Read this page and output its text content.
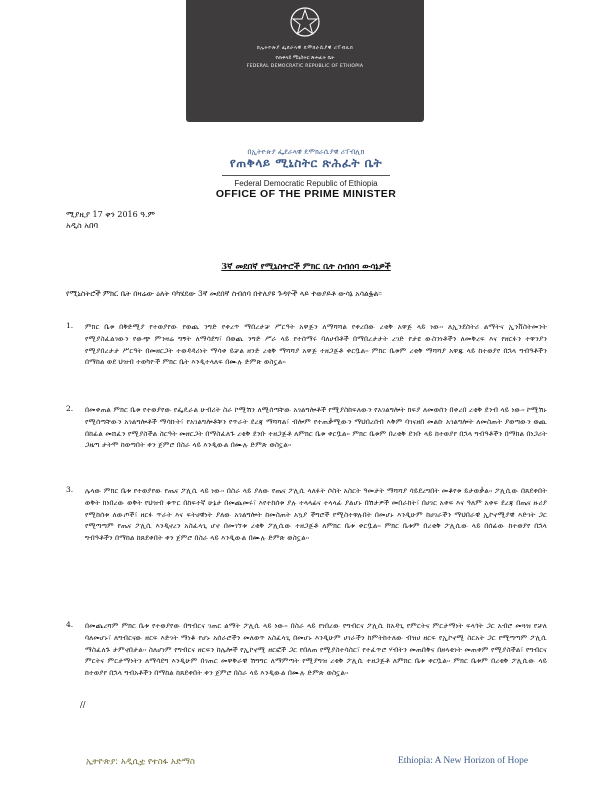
በኢትዮጵያ ፌደራላዊ ዴሞክራሲያዊ ሪፐብሊክ
የጠቅላይ ሚኒስትር ጽሕፈት ቤት
FEDERAL DEMOCRATIC REPUBLIC OF ETHIOPIA
በኢትዮጵያ ፌደራላዊ ዴሞክራሲያዊ ሪፐብሊክ
የጠቅላይ ሚኒስትር ጽሕፈት ቤት
Federal Democratic Republic of Ethiopia
OFFICE OF THE PRIME MINISTER
ሚያዚያ 17 ቀን 2016 ዓ.ም
አዲስ አበባ
3ኛ መደበኛ የሚኒስትሮች ምክር ቤት ስብሰባ ውሳኔዎች
የሚኒስትሮች ምክር ቤት በዛሬው ዕለት ባካሄደው 3ኛ መደበኛ ስብሰባ በተለያዩ ጉዳዮች ላይ ተወያይቶ ውሳኔ አሳልፏል፡፡
1. ምክር ቤቱ በቅድሚያ የተወያየው የወጪ ንግድ የቀረጥ ማበረታቻ ሥርዓት አዋጅን ለማሻሻል የቀረበው ረቂቅ አዋጅ ላይ ነው፡፡ ለኢንደስትሪ ልማትና ኢንቨስትመንት የሚያስፈልገውን የውጭ ምንዛሬ ግኝት ለማሳደግ፣ በወጪ ንግድ ሥራ ላይ የተሰማሩ ባለሀብቶች በማበረታታት ረገድ የታዩ ውስንነቶችን ለመቅረፍ እና የዘርፉን ተዋንያን የሚያበረታታ ሥርዓት በመዘርጋት ተወዳዳሪነት ማሳቀ ይቻል ዘንድ ረቂቅ ማሻሻያ አዋጅ ተዘጋጅቶ ቀርቧል፡፡ ምክር ቤቱም ረቂቅ ማሻሻያ አዋጁ ላይ ከተወያየ በኋላ ግብዓቶችን በማከል ወደ ህዝብ ተወካዮች ምክር ቤት እንዲተላለፍ በሙሉ ድምጽ ወስኗል፡፡
2. በመቀጠል ምክር ቤቱ የተወያየው የፌዴራል ሁብሪት ስራ ኮሚሽን ለሚሰጣቸው አገልግሎቶች የሚያስከፍለውን የአገልግሎት ክፍያ ለመወሰን በቀረበ ረቂቅ ደንብ ላይ ነው፡፡ ኮሚሽኑ የሚሰጣቸውን አገልግሎቶች ማሳኩት፣ የአገልግሎቶቹን የጥራት ደረጃ ማሻሻል፣ ብሎም የተጠቃሚውን ማህበረሰብ እቅም ባገናዘበ መልኩ አገልግሎት ለመስጠት ያወጣውን ወጪ በከፊል መሸፈን የሚያስችል ስርዓት መዘርጋት በማስፈለጉ ረቂቅ ደንቡ ተዘጋጅቶ ለምክር ቤቱ ቀርቧል፡፡ ምክር ቤቱም በረቂቅ ደንቡ ላይ ከተወያየ በኋላ ግብዓቶችን በማከል በነጋሪት ጋዜጣ ታትሞ ከወጣበት ቀን ጀምሮ በስራ ላይ እንዲውል በሙሉ ድምጽ ወስኗል፡፡
3. ሌላው ምክር ቤቱ የተወያየው የጤና ፖሊሲ ላይ ነው፡፡ በስራ ላይ ያለው የጤና ፖሊሲ ላለፉት ሶስት አስርት ዓመታት ማሻሻያ ሳይደረግበት መቆየቱ ይታወቃል፡፡ ፖሊሲው በጸደቀበት ወቅት ከነበረው ወቅት የህዝብ ቁጥር በከፍተኛ ሁኔታ በመጨመሩ፣ እየተከሰቱ ያሉ ተላላፊና ተላላፊ ያልሆኑ በሽታዎች መበራከት፣ በሀገር አቀፍ እና ዓለም አቀፍ ደረጃ በጤና ዙሪያ የሚከሰቱ ለውጦች፣ ዘርፉ ጥራት እና ፍትሀዊነት ያለው አገልግሎት ከመስጠት አኳያ ችግሮች የሚስተዋሉበት በመሆኑ እንዲሁም ከሀገራችን ማህበራዊ ኢኮኖሚያዊ እድገት ጋር የሚጣጣም የጤና ፖሊሲ እንዲኖረን አስፈላጊ ሆኖ በመገኘቱ ረቂቅ ፖሊሲው ተዘጋጅቶ ለምክር ቤቱ ቀርቧል፡፡ ምክር ቤቱም በረቂቅ ፖሊሲው ላይ በሰፊው ከተወያየ በኋላ ግብዓቶችን በማከል ከጸደቀበት ቀን ጀምሮ በስራ ላይ እንዲውል በሙሉ ድምጽ ወስኗል፡፡
4. በመጨረሻም ምክር ቤቱ የተወያየው በግብርና ገጠር ልማት ፖሊሲ ላይ ነው፡፡ በስራ ላይ የነበረው የግብርና ፖሊሲ ከአዳጊ የምርትና ምርታማነት ፍላጎት ጋር አብሮ መጓዝ የቻለ ባለመሆኑ፣ ለግብርናው ዘርፍ እድገት ማነቆ የሆኑ አሰራሮችን መለወጥ አስፈላጊ በመሆኑ እንዲሁም ሀገራችን ከምትከተለው ብዝሀ ዘርፍ የኢኮኖሚ ስርአት ጋር የሚጣጣም ፖሊሲ ማስፈለጉ ታምኖበታል፡፡ ስለሆነም የግብርና ዘርፍን ከሌሎች የኢኮኖሚ ዘርፎች ጋር የበለጠ የሚያስተሳስር፣ የተፈጥሮ ሃብትን መጠበቅና በዘላቂነት መጠቀም የሚያስችል፣ የግብርና ምርትና ምርታማነትን ለማሳደግ እንዲሁም በገጠር መዋቅራዊ ሽግግር ለማምጣት የሚያግዝ ረቂቅ ፖሊሲ ተዘጋጅቶ ለምክር ቤቱ ቀርቧል፡፡ ምክር ቤቱም በረቂቅ ፖሊሲው ላይ ከተወያየ በኋላ ግብአቶችን በማከል ከጸደቀበት ቀን ጀምሮ በስራ ላይ እንዲውል በሙሉ ድምጽ ወስኗል፡፡
//
ኢትዮጵያ: አዲሲቷ የተስፋ አድማስ	Ethiopia: A New Horizon of Hope
